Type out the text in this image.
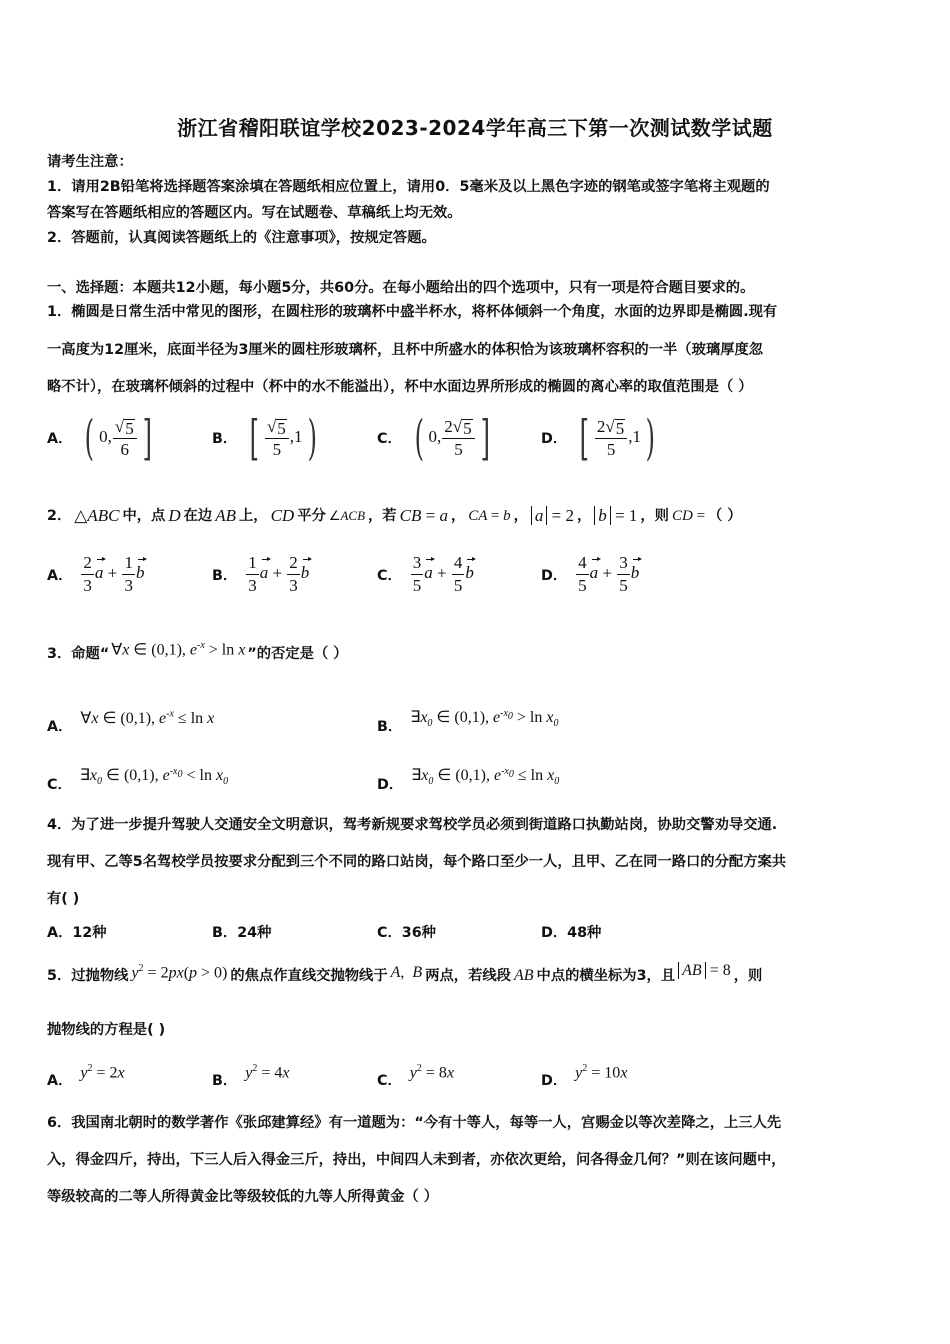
浙江省稽阳联谊学校2023-2024学年高三下第一次测试数学试题
请考生注意：
1．请用2B铅笔将选择题答案涂填在答题纸相应位置上，请用0．5毫米及以上黑色字迹的钢笔或签字笔将主观题的
答案写在答题纸相应的答题区内。写在试题卷、草稿纸上均无效。
2．答题前，认真阅读答题纸上的《注意事项》，按规定答题。
一、选择题：本题共12小题，每小题5分，共60分。在每小题给出的四个选项中，只有一项是符合题目要求的。
1．椭圆是日常生活中常见的图形，在圆柱形的玻璃杯中盛半杯水，将杯体倾斜一个角度，水面的边界即是椭圆.现有
一高度为12厘米，底面半径为3厘米的圆柱形玻璃杯，且杯中所盛水的体积恰为该玻璃杯容积的一半（玻璃厚度忽
略不计），在玻璃杯倾斜的过程中（杯中的水不能溢出），杯中水面边界所形成的椭圆的离心率的取值范围是（ ）
A． ( 0, $\frac{√ 5}{6}$ ]	B． [ $\frac{√ 5}{5} ,1$)	C． ( 0, $\frac{2√ 5}{5}$ ]	D． [ $\frac{2√ 5}{5} ,1$)
2． △ABC 中，点 D 在边 AB 上， CD 平分 ∠ACB ，若 CB = a ， CA = b ， a = 2 ， b = 1 ，则 CD = （ ）
A． $\frac{2}{3}$ $a + \frac{1}{3}$ b	B． $\frac{1}{3}$ $a + \frac{2}{3}$ b	C． $\frac{3}{5}$ $a + \frac{4}{5}$ b	D． $\frac{4}{5}$ $a + \frac{3}{5}$ b
3．命题“ ∀x ∈ (0,1), $e^{-x} > \ln x$ ”的否定是（ ）
A． ∀x ∈ (0,1), $e^{-x} \le \ln x$	B．
$\exists x_0$ ∈ (0,1), $e^{-x_0} > \ln x_0$
C．
$\exists x_0$ ∈ (0,1), $e^{-x_0} < \ln x_0$	D．
$\exists x_0$ ∈ (0,1), $e^{-x_0} \le \ln x_0$
4．为了进一步提升驾驶人交通安全文明意识，驾考新规要求驾校学员必须到街道路口执勤站岗，协助交警劝导交通.
现有甲、乙等5名驾校学员按要求分配到三个不同的路口站岗，每个路口至少一人，且甲、乙在同一路口的分配方案共
有( )
A．12种	B．24种	C．36种	D．48种
5．过抛物线 $y^2 = 2px(p > 0)$ 的焦点作直线交抛物线于 A,  B 两点，若线段 AB 中点的横坐标为3，且 AB = 8 ，则
抛物线的方程是( )
A． $y^2 = 2x$	B． $y^2 = 4x$	C． $y^2 = 8x$	D． $y^2 = 10x$
6．我国南北朝时的数学著作《张邱建算经》有一道题为：“今有十等人，每等一人，宫赐金以等次差降之，上三人先
入，得金四斤，持出，下三人后入得金三斤，持出，中间四人未到者，亦依次更给，问各得金几何？”则在该问题中，
等级较高的二等人所得黄金比等级较低的九等人所得黄金（ ）
